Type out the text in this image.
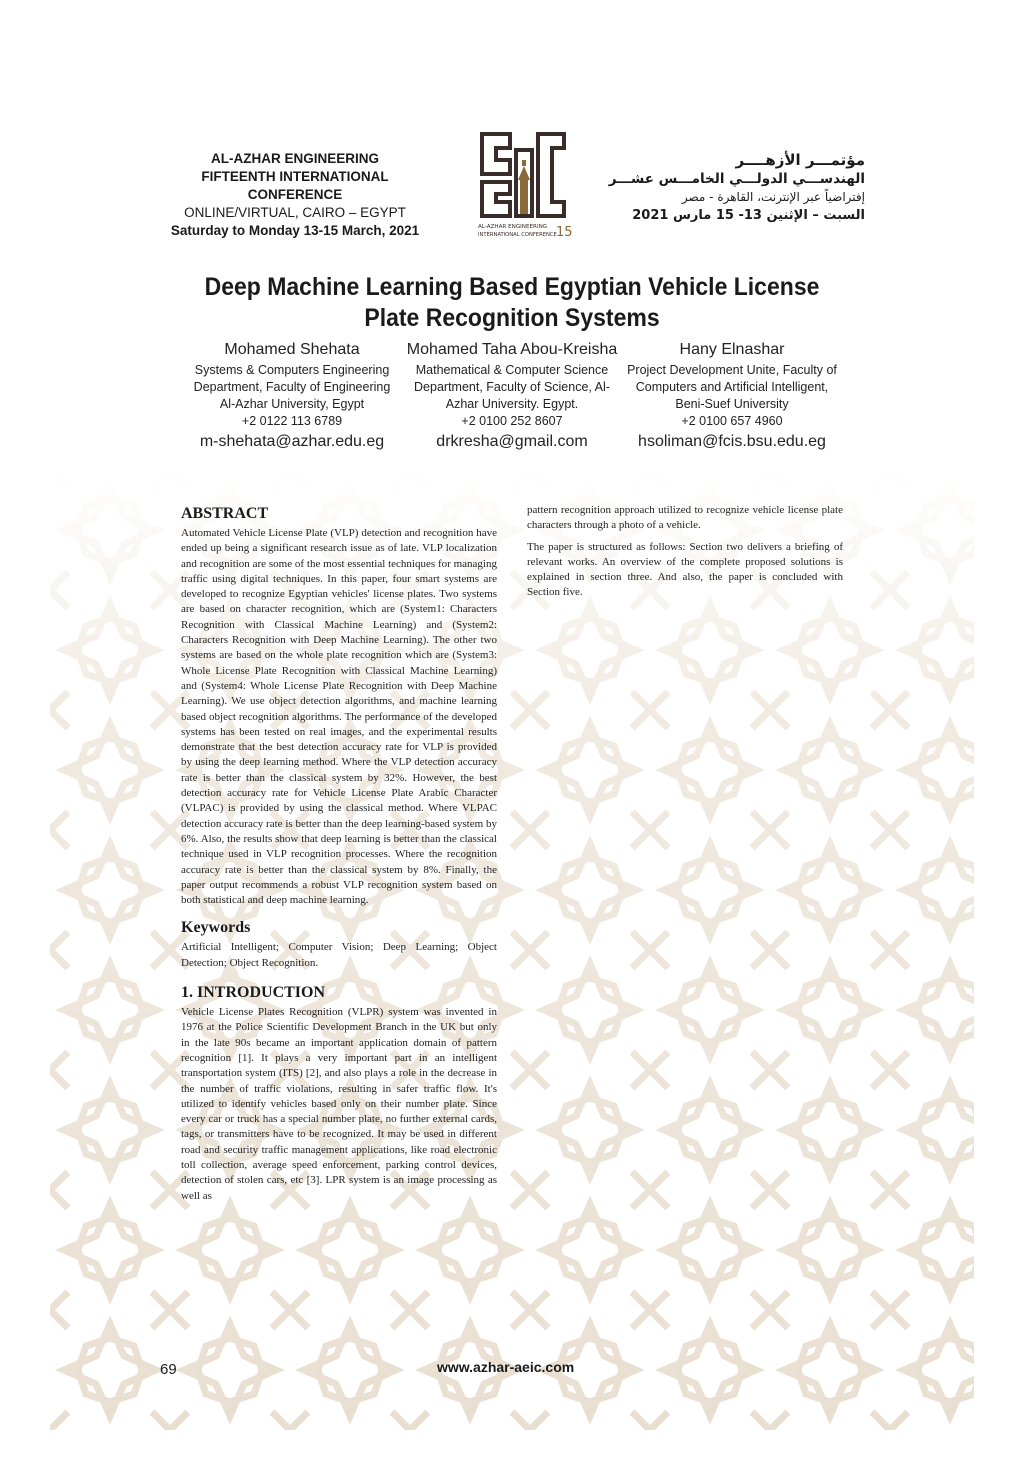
AL-AZHAR ENGINEERING
FIFTEENTH INTERNATIONAL
CONFERENCE
ONLINE/VIRTUAL, CAIRO – EGYPT
Saturday to Monday 13-15 March, 2021	AL-AZHAR ENGINEERING
INTERNATIONAL CONFERENCE 15
مؤتمـــر الأزهــــر
الهندســـي الدولـــي الخامـــس عشـــر
إفتراضياً عبر الإنترنت، القاهرة - مصر
السبت – الإثنين 13- 15 مارس 2021
Deep Machine Learning Based Egyptian Vehicle License
Plate Recognition Systems
Mohamed Shehata
Systems & Computers Engineering
Department, Faculty of Engineering
Al-Azhar University, Egypt
+2 0122 113 6789
m-shehata@azhar.edu.eg
Mohamed Taha Abou-Kreisha
Mathematical & Computer Science
Department, Faculty of Science, Al-
Azhar University. Egypt.
+2 0100 252 8607
drkresha@gmail.com
Hany Elnashar
Project Development Unite, Faculty of
Computers and Artificial Intelligent,
Beni-Suef University
+2 0100 657 4960
hsoliman@fcis.bsu.edu.eg
ABSTRACT

Automated Vehicle License Plate (VLP) detection and recognition have ended up being a significant research issue as of late. VLP localization and recognition are some of the most essential techniques for managing traffic using digital techniques. In this paper, four smart systems are developed to recognize Egyptian vehicles' license plates. Two systems are based on character recognition, which are (System1: Characters Recognition with Classical Machine Learning) and (System2: Characters Recognition with Deep Machine Learning). The other two systems are based on the whole plate recognition which are (System3: Whole License Plate Recognition with Classical Machine Learning) and (System4: Whole License Plate Recognition with Deep Machine Learning). We use object detection algorithms, and machine learning based object recognition algorithms. The performance of the developed systems has been tested on real images, and the experimental results demonstrate that the best detection accuracy rate for VLP is provided by using the deep learning method. Where the VLP detection accuracy rate is better than the classical system by 32%. However, the best detection accuracy rate for Vehicle License Plate Arabic Character (VLPAC) is provided by using the classical method. Where VLPAC detection accuracy rate is better than the deep learning-based system by 6%. Also, the results show that deep learning is better than the classical technique used in VLP recognition processes. Where the recognition accuracy rate is better than the classical system by 8%. Finally, the paper output recommends a robust VLP recognition system based on both statistical and deep machine learning.

Keywords

Artificial Intelligent; Computer Vision; Deep Learning; Object Detection; Object Recognition.

1. INTRODUCTION

Vehicle License Plates Recognition (VLPR) system was invented in 1976 at the Police Scientific Development Branch in the UK but only in the late 90s became an important application domain of pattern recognition [1]. It plays a very important part in an intelligent transportation system (ITS) [2], and also plays a role in the decrease in the number of traffic violations, resulting in safer traffic flow. It's utilized to identify vehicles based only on their number plate. Since every car or truck has a special number plate, no further external cards, tags, or transmitters have to be recognized. It may be used in different road and security traffic management applications, like road electronic toll collection, average speed enforcement, parking control devices, detection of stolen cars, etc [3]. LPR system is an image processing as well as

pattern recognition approach utilized to recognize vehicle license plate characters through a photo of a vehicle.

The paper is structured as follows: Section two delivers a briefing of relevant works. An overview of the complete proposed solutions is explained in section three. And also, the paper is concluded with Section five.

69	www.azhar-aeic.com
